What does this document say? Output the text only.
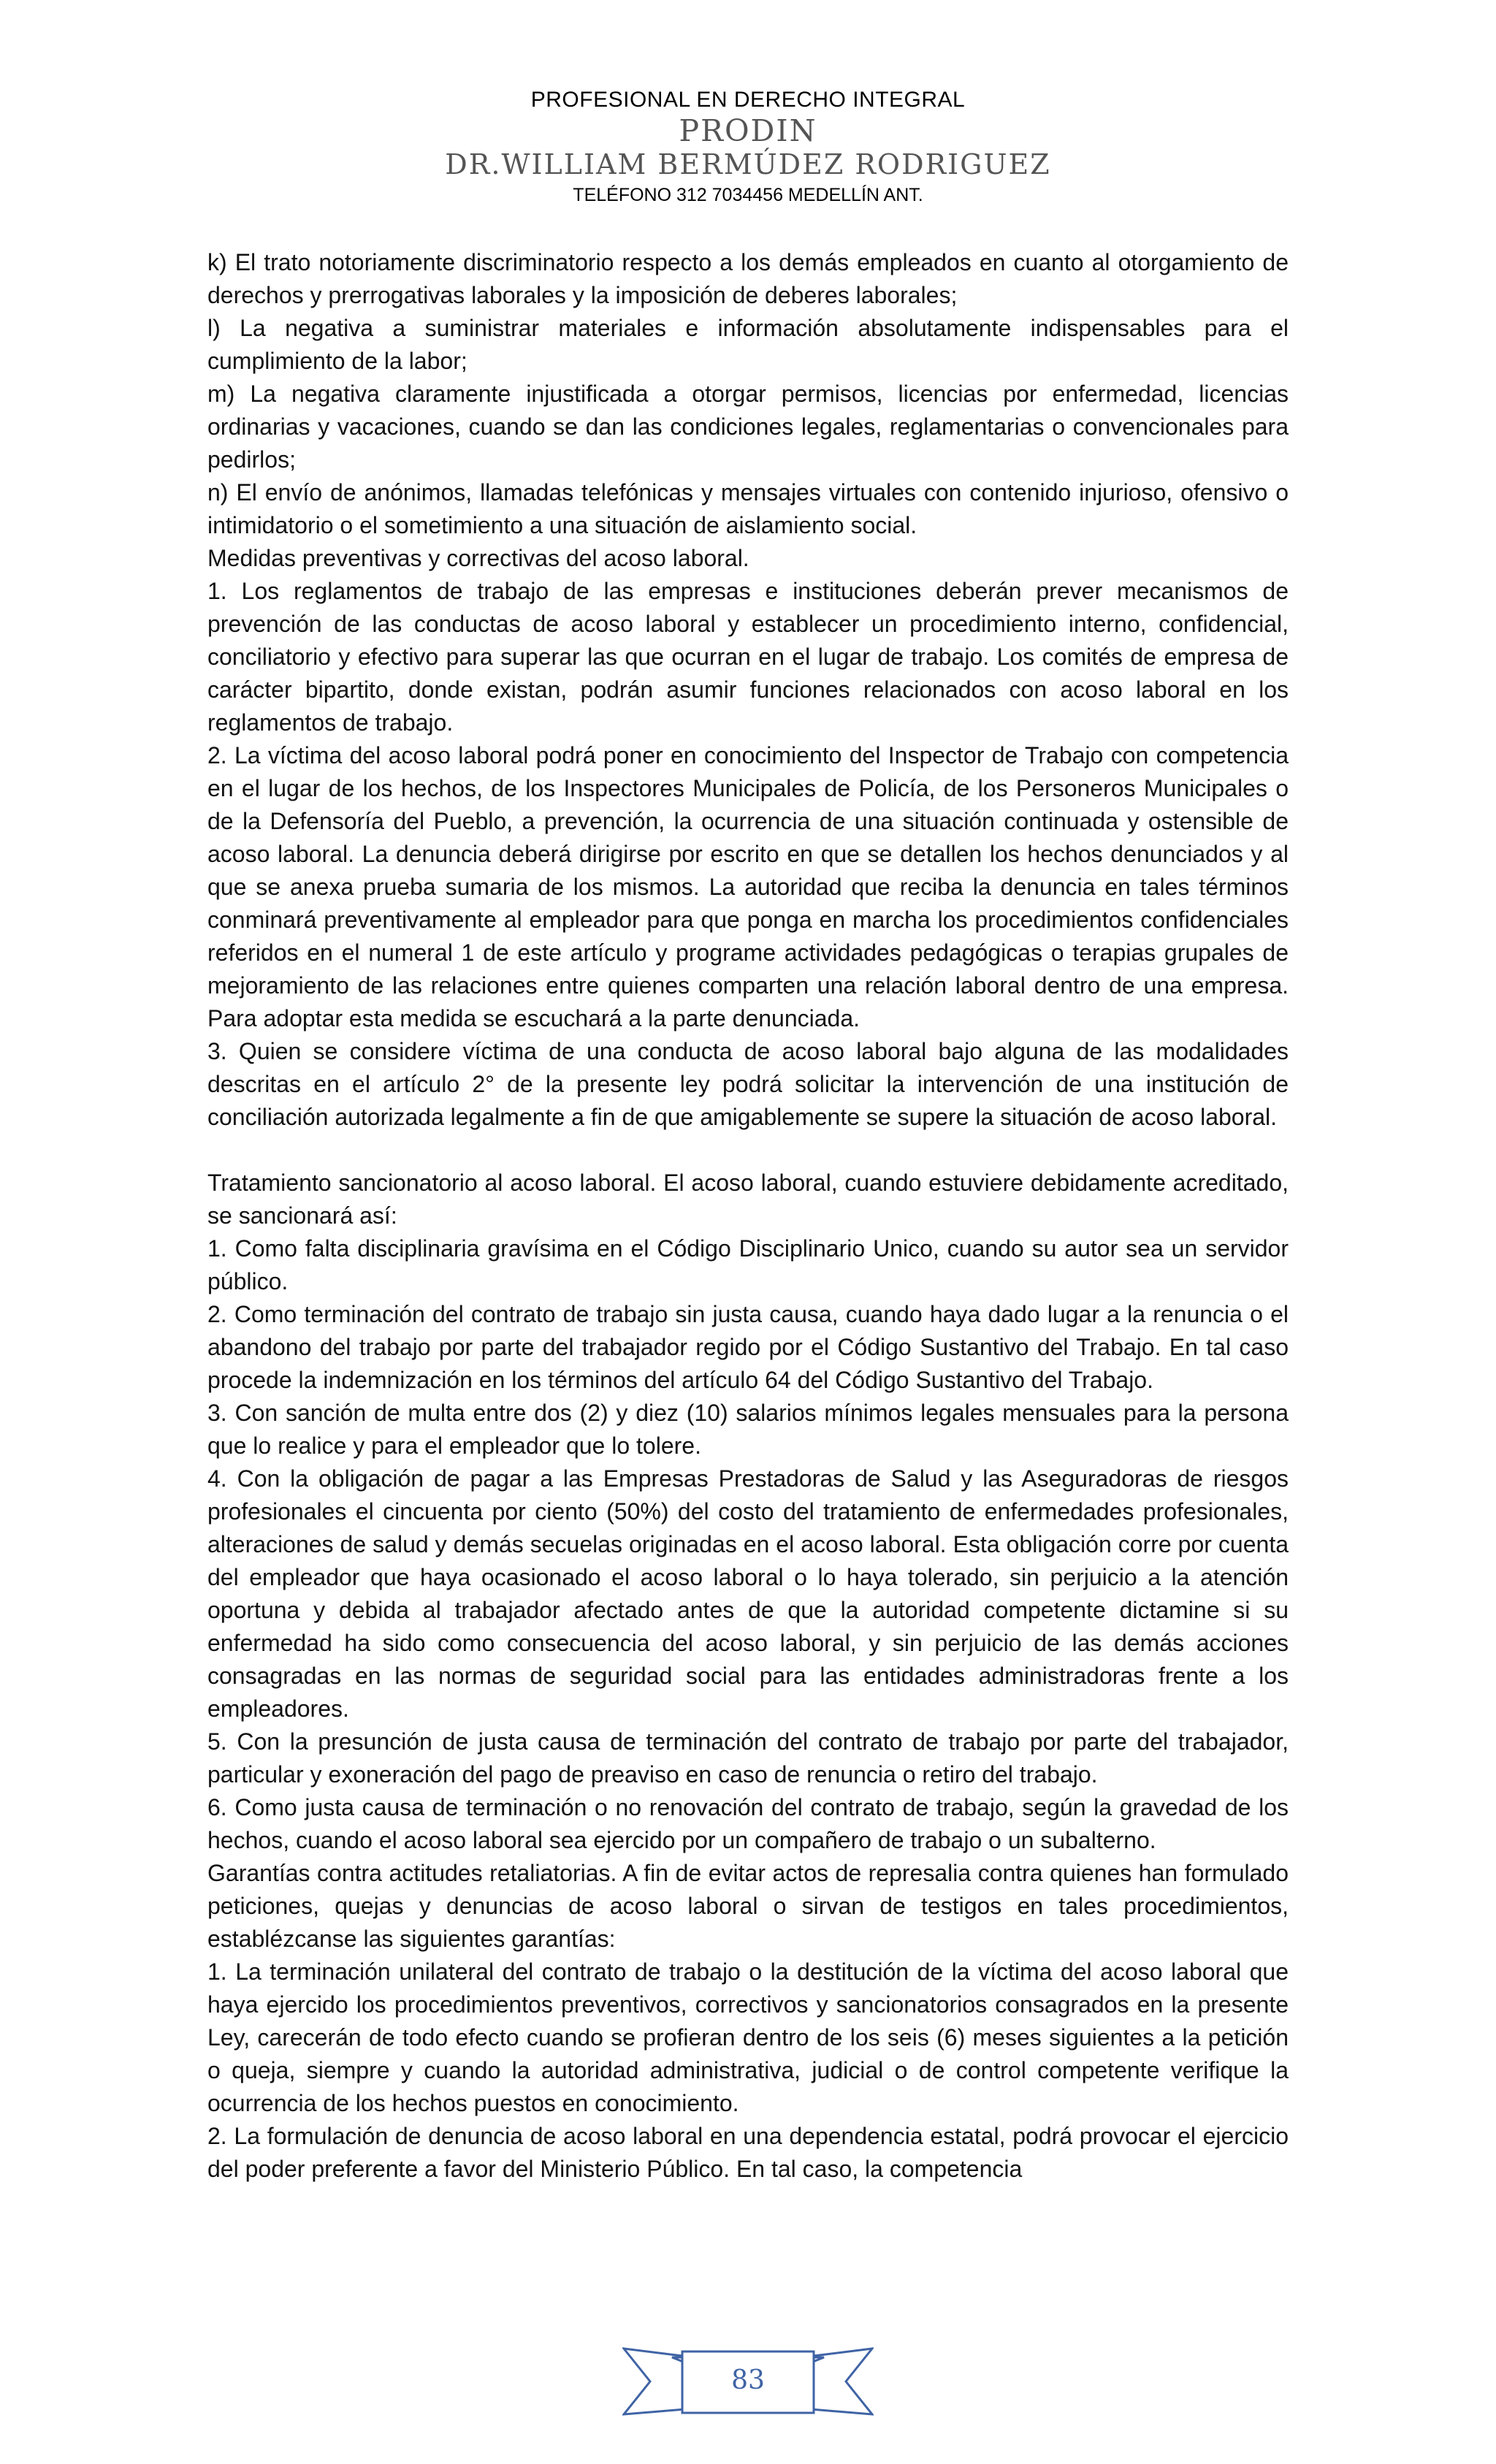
PROFESIONAL EN DERECHO INTEGRAL
PRODIN
DR.WILLIAM BERMÚDEZ RODRIGUEZ
TELÉFONO 312 7034456 MEDELLÍN ANT.

k) El trato notoriamente discriminatorio respecto a los demás empleados en cuanto al otorgamiento de derechos y prerrogativas laborales y la imposición de deberes laborales;

l) La negativa a suministrar materiales e información absolutamente indispensables para el cumplimiento de la labor;

m) La negativa claramente injustificada a otorgar permisos, licencias por enfermedad, licencias ordinarias y vacaciones, cuando se dan las condiciones legales, reglamentarias o convencionales para pedirlos;

n) El envío de anónimos, llamadas telefónicas y mensajes virtuales con contenido injurioso, ofensivo o intimidatorio o el sometimiento a una situación de aislamiento social.

Medidas preventivas y correctivas del acoso laboral.

1. Los reglamentos de trabajo de las empresas e instituciones deberán prever mecanismos de prevención de las conductas de acoso laboral y establecer un procedimiento interno, confidencial, conciliatorio y efectivo para superar las que ocurran en el lugar de trabajo. Los comités de empresa de carácter bipartito, donde existan, podrán asumir funciones relacionados con acoso laboral en los reglamentos de trabajo.

2. La víctima del acoso laboral podrá poner en conocimiento del Inspector de Trabajo con competencia en el lugar de los hechos, de los Inspectores Municipales de Policía, de los Personeros Municipales o de la Defensoría del Pueblo, a prevención, la ocurrencia de una situación continuada y ostensible de acoso laboral. La denuncia deberá dirigirse por escrito en que se detallen los hechos denunciados y al que se anexa prueba sumaria de los mismos. La autoridad que reciba la denuncia en tales términos conminará preventivamente al empleador para que ponga en marcha los procedimientos confidenciales referidos en el numeral 1 de este artículo y programe actividades pedagógicas o terapias grupales de mejoramiento de las relaciones entre quienes comparten una relación laboral dentro de una empresa. Para adoptar esta medida se escuchará a la parte denunciada.

3. Quien se considere víctima de una conducta de acoso laboral bajo alguna de las modalidades descritas en el artículo 2° de la presente ley podrá solicitar la intervención de una institución de conciliación autorizada legalmente a fin de que amigablemente se supere la situación de acoso laboral.

Tratamiento sancionatorio al acoso laboral. El acoso laboral, cuando estuviere debidamente acreditado, se sancionará así:

1. Como falta disciplinaria gravísima en el Código Disciplinario Unico, cuando su autor sea un servidor público.

2. Como terminación del contrato de trabajo sin justa causa, cuando haya dado lugar a la renuncia o el abandono del trabajo por parte del trabajador regido por el Código Sustantivo del Trabajo. En tal caso procede la indemnización en los términos del artículo 64 del Código Sustantivo del Trabajo.

3. Con sanción de multa entre dos (2) y diez (10) salarios mínimos legales mensuales para la persona que lo realice y para el empleador que lo tolere.

4. Con la obligación de pagar a las Empresas Prestadoras de Salud y las Aseguradoras de riesgos profesionales el cincuenta por ciento (50%) del costo del tratamiento de enfermedades profesionales, alteraciones de salud y demás secuelas originadas en el acoso laboral. Esta obligación corre por cuenta del empleador que haya ocasionado el acoso laboral o lo haya tolerado, sin perjuicio a la atención oportuna y debida al trabajador afectado antes de que la autoridad competente dictamine si su enfermedad ha sido como consecuencia del acoso laboral, y sin perjuicio de las demás acciones consagradas en las normas de seguridad social para las entidades administradoras frente a los empleadores.

5. Con la presunción de justa causa de terminación del contrato de trabajo por parte del trabajador, particular y exoneración del pago de preaviso en caso de renuncia o retiro del trabajo.

6. Como justa causa de terminación o no renovación del contrato de trabajo, según la gravedad de los hechos, cuando el acoso laboral sea ejercido por un compañero de trabajo o un subalterno.

Garantías contra actitudes retaliatorias. A fin de evitar actos de represalia contra quienes han formulado peticiones, quejas y denuncias de acoso laboral o sirvan de testigos en tales procedimientos, establézcanse las siguientes garantías:

1. La terminación unilateral del contrato de trabajo o la destitución de la víctima del acoso laboral que haya ejercido los procedimientos preventivos, correctivos y sancionatorios consagrados en la presente Ley, carecerán de todo efecto cuando se profieran dentro de los seis (6) meses siguientes a la petición o queja, siempre y cuando la autoridad administrativa, judicial o de control competente verifique la ocurrencia de los hechos puestos en conocimiento.

2. La formulación de denuncia de acoso laboral en una dependencia estatal, podrá provocar el ejercicio del poder preferente a favor del Ministerio Público. En tal caso, la competencia

83
